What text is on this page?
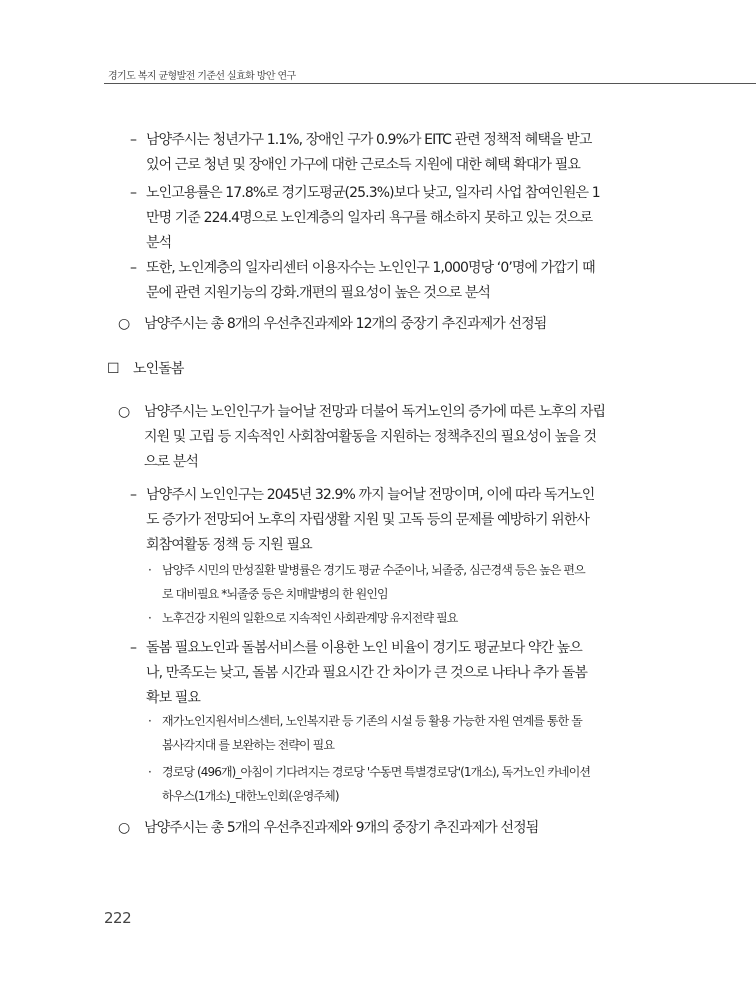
경기도 복지 균형발전 기준선 실효화 방안 연구
– 남양주시는 청년가구 1.1%, 장애인 구가 0.9%가 EITC 관련 정책적 혜택을 받고
있어 근로 청년 및 장애인 가구에 대한 근로소득 지원에 대한 혜택 확대가 필요
– 노인고용률은 17.8%로 경기도평균(25.3%)보다 낮고, 일자리 사업 참여인원은 1
만명 기준 224.4명으로 노인계층의 일자리 욕구를 해소하지 못하고 있는 것으로
분석
– 또한, 노인계층의 일자리센터 이용자수는 노인인구 1,000명당 ‘0’명에 가깝기 때
문에 관련 지원기능의 강화.개편의 필요성이 높은 것으로 분석
○ 남양주시는 총 8개의 우선추진과제와 12개의 중장기 추진과제가 선정됨
☐ 노인돌봄
○ 남양주시는 노인인구가 늘어날 전망과 더불어 독거노인의 증가에 따른 노후의 자립
지원 및 고립 등 지속적인 사회참여활동을 지원하는 정책추진의 필요성이 높을 것
으로 분석
– 남양주시 노인인구는 2045년 32.9% 까지 늘어날 전망이며, 이에 따라 독거노인
도 증가가 전망되어 노후의 자립생활 지원 및 고독 등의 문제를 예방하기 위한사
회참여활동 정책 등 지원 필요
· 남양주 시민의 만성질환 발병률은 경기도 평균 수준이나, 뇌졸중, 심근경색 등은 높은 편으
로 대비필요 *뇌졸중 등은 치매발병의 한 원인임
· 노후건강 지원의 일환으로 지속적인 사회관계망 유지전략 필요
– 돌봄 필요노인과 돌봄서비스를 이용한 노인 비율이 경기도 평균보다 약간 높으
나, 만족도는 낮고, 돌봄 시간과 필요시간 간 차이가 큰 것으로 나타나 추가 돌봄
확보 필요
· 재가노인지원서비스센터, 노인복지관 등 기존의 시설 등 활용 가능한 자원 연계를 통한 돌
봄사각지대 를 보완하는 전략이 필요
· 경로당 (496개)_아침이 기다려지는 경로당 '수동면 특별경로당'(1개소), 독거노인 카네이션
하우스(1개소)_대한노인회(운영주체)
○ 남양주시는 총 5개의 우선추진과제와 9개의 중장기 추진과제가 선정됨
222
